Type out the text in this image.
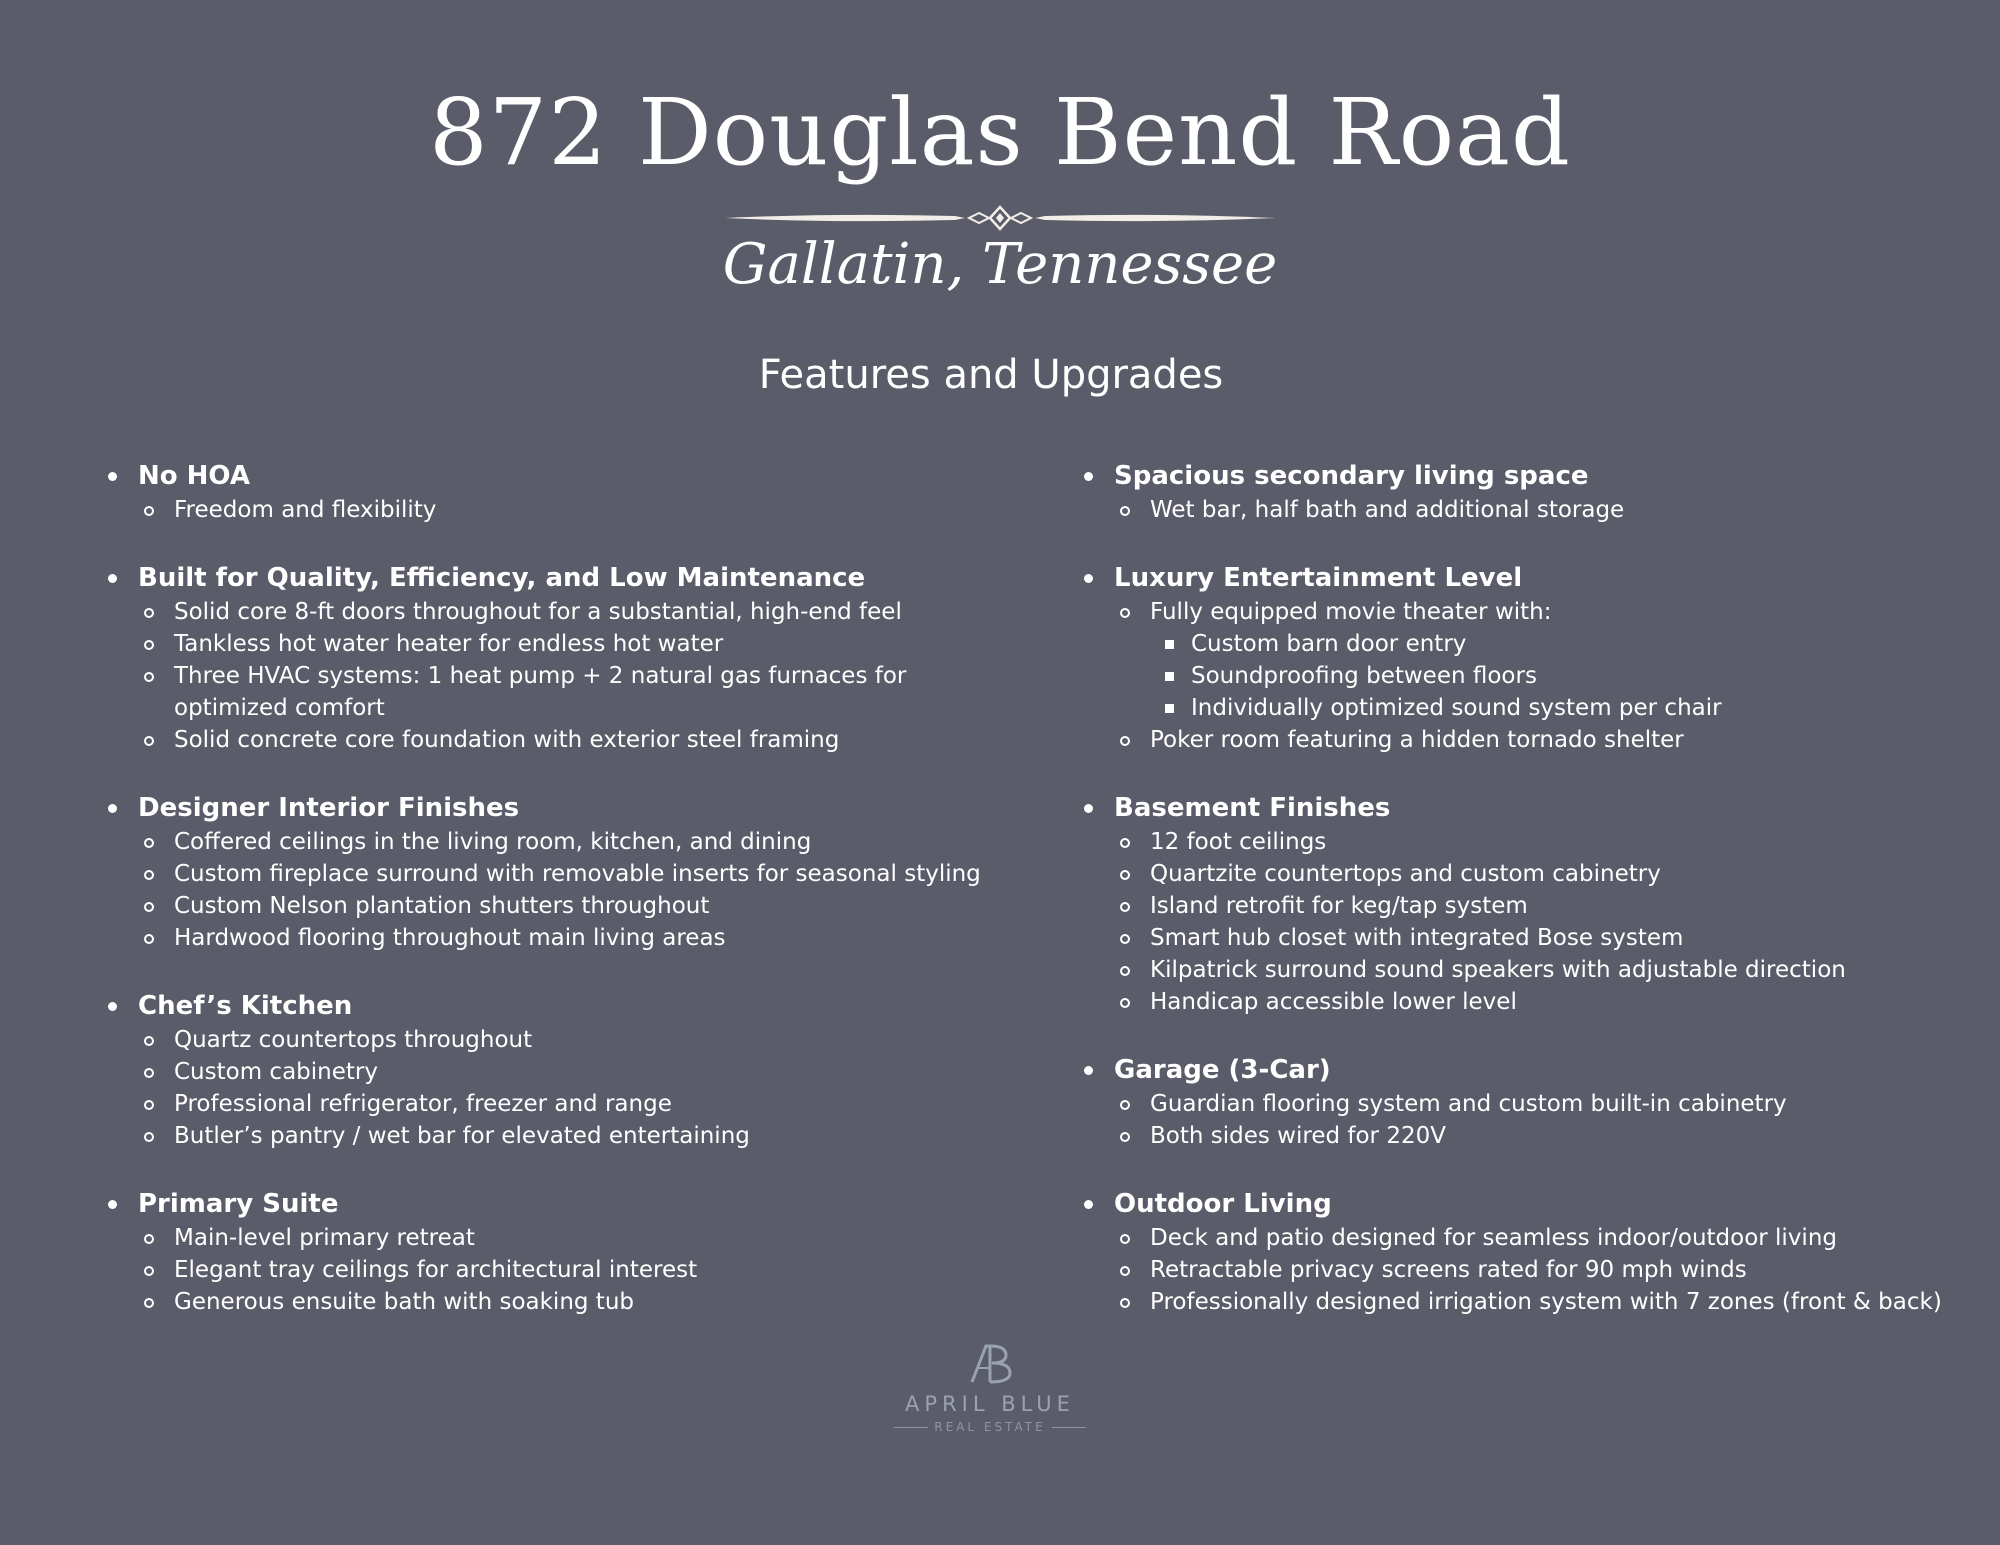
872 Douglas Bend Road
Gallatin, Tennessee
Features and Upgrades
No HOA
Freedom and flexibility
Built for Quality, Efficiency, and Low Maintenance
Solid core 8-ft doors throughout for a substantial, high-end feel
Tankless hot water heater for endless hot water
Three HVAC systems: 1 heat pump + 2 natural gas furnaces for optimized comfort
Solid concrete core foundation with exterior steel framing
Designer Interior Finishes
Coffered ceilings in the living room, kitchen, and dining
Custom fireplace surround with removable inserts for seasonal styling
Custom Nelson plantation shutters throughout
Hardwood flooring throughout main living areas
Chef’s Kitchen
Quartz countertops throughout
Custom cabinetry
Professional refrigerator, freezer and range
Butler’s pantry / wet bar for elevated entertaining
Primary Suite
Main-level primary retreat
Elegant tray ceilings for architectural interest
Generous ensuite bath with soaking tub
Spacious secondary living space
Wet bar, half bath and additional storage
Luxury Entertainment Level
Fully equipped movie theater with:
Custom barn door entry
Soundproofing between floors
Individually optimized sound system per chair
Poker room featuring a hidden tornado shelter
Basement Finishes
12 foot ceilings
Quartzite countertops and custom cabinetry
Island retrofit for keg/tap system
Smart hub closet with integrated Bose system
Kilpatrick surround sound speakers with adjustable direction
Handicap accessible lower level
Garage (3-Car)
Guardian flooring system and custom built-in cabinetry
Both sides wired for 220V
Outdoor Living
Deck and patio designed for seamless indoor/outdoor living
Retractable privacy screens rated for 90 mph winds
Professionally designed irrigation system with 7 zones (front & back)
APRIL BLUE
REAL ESTATE
